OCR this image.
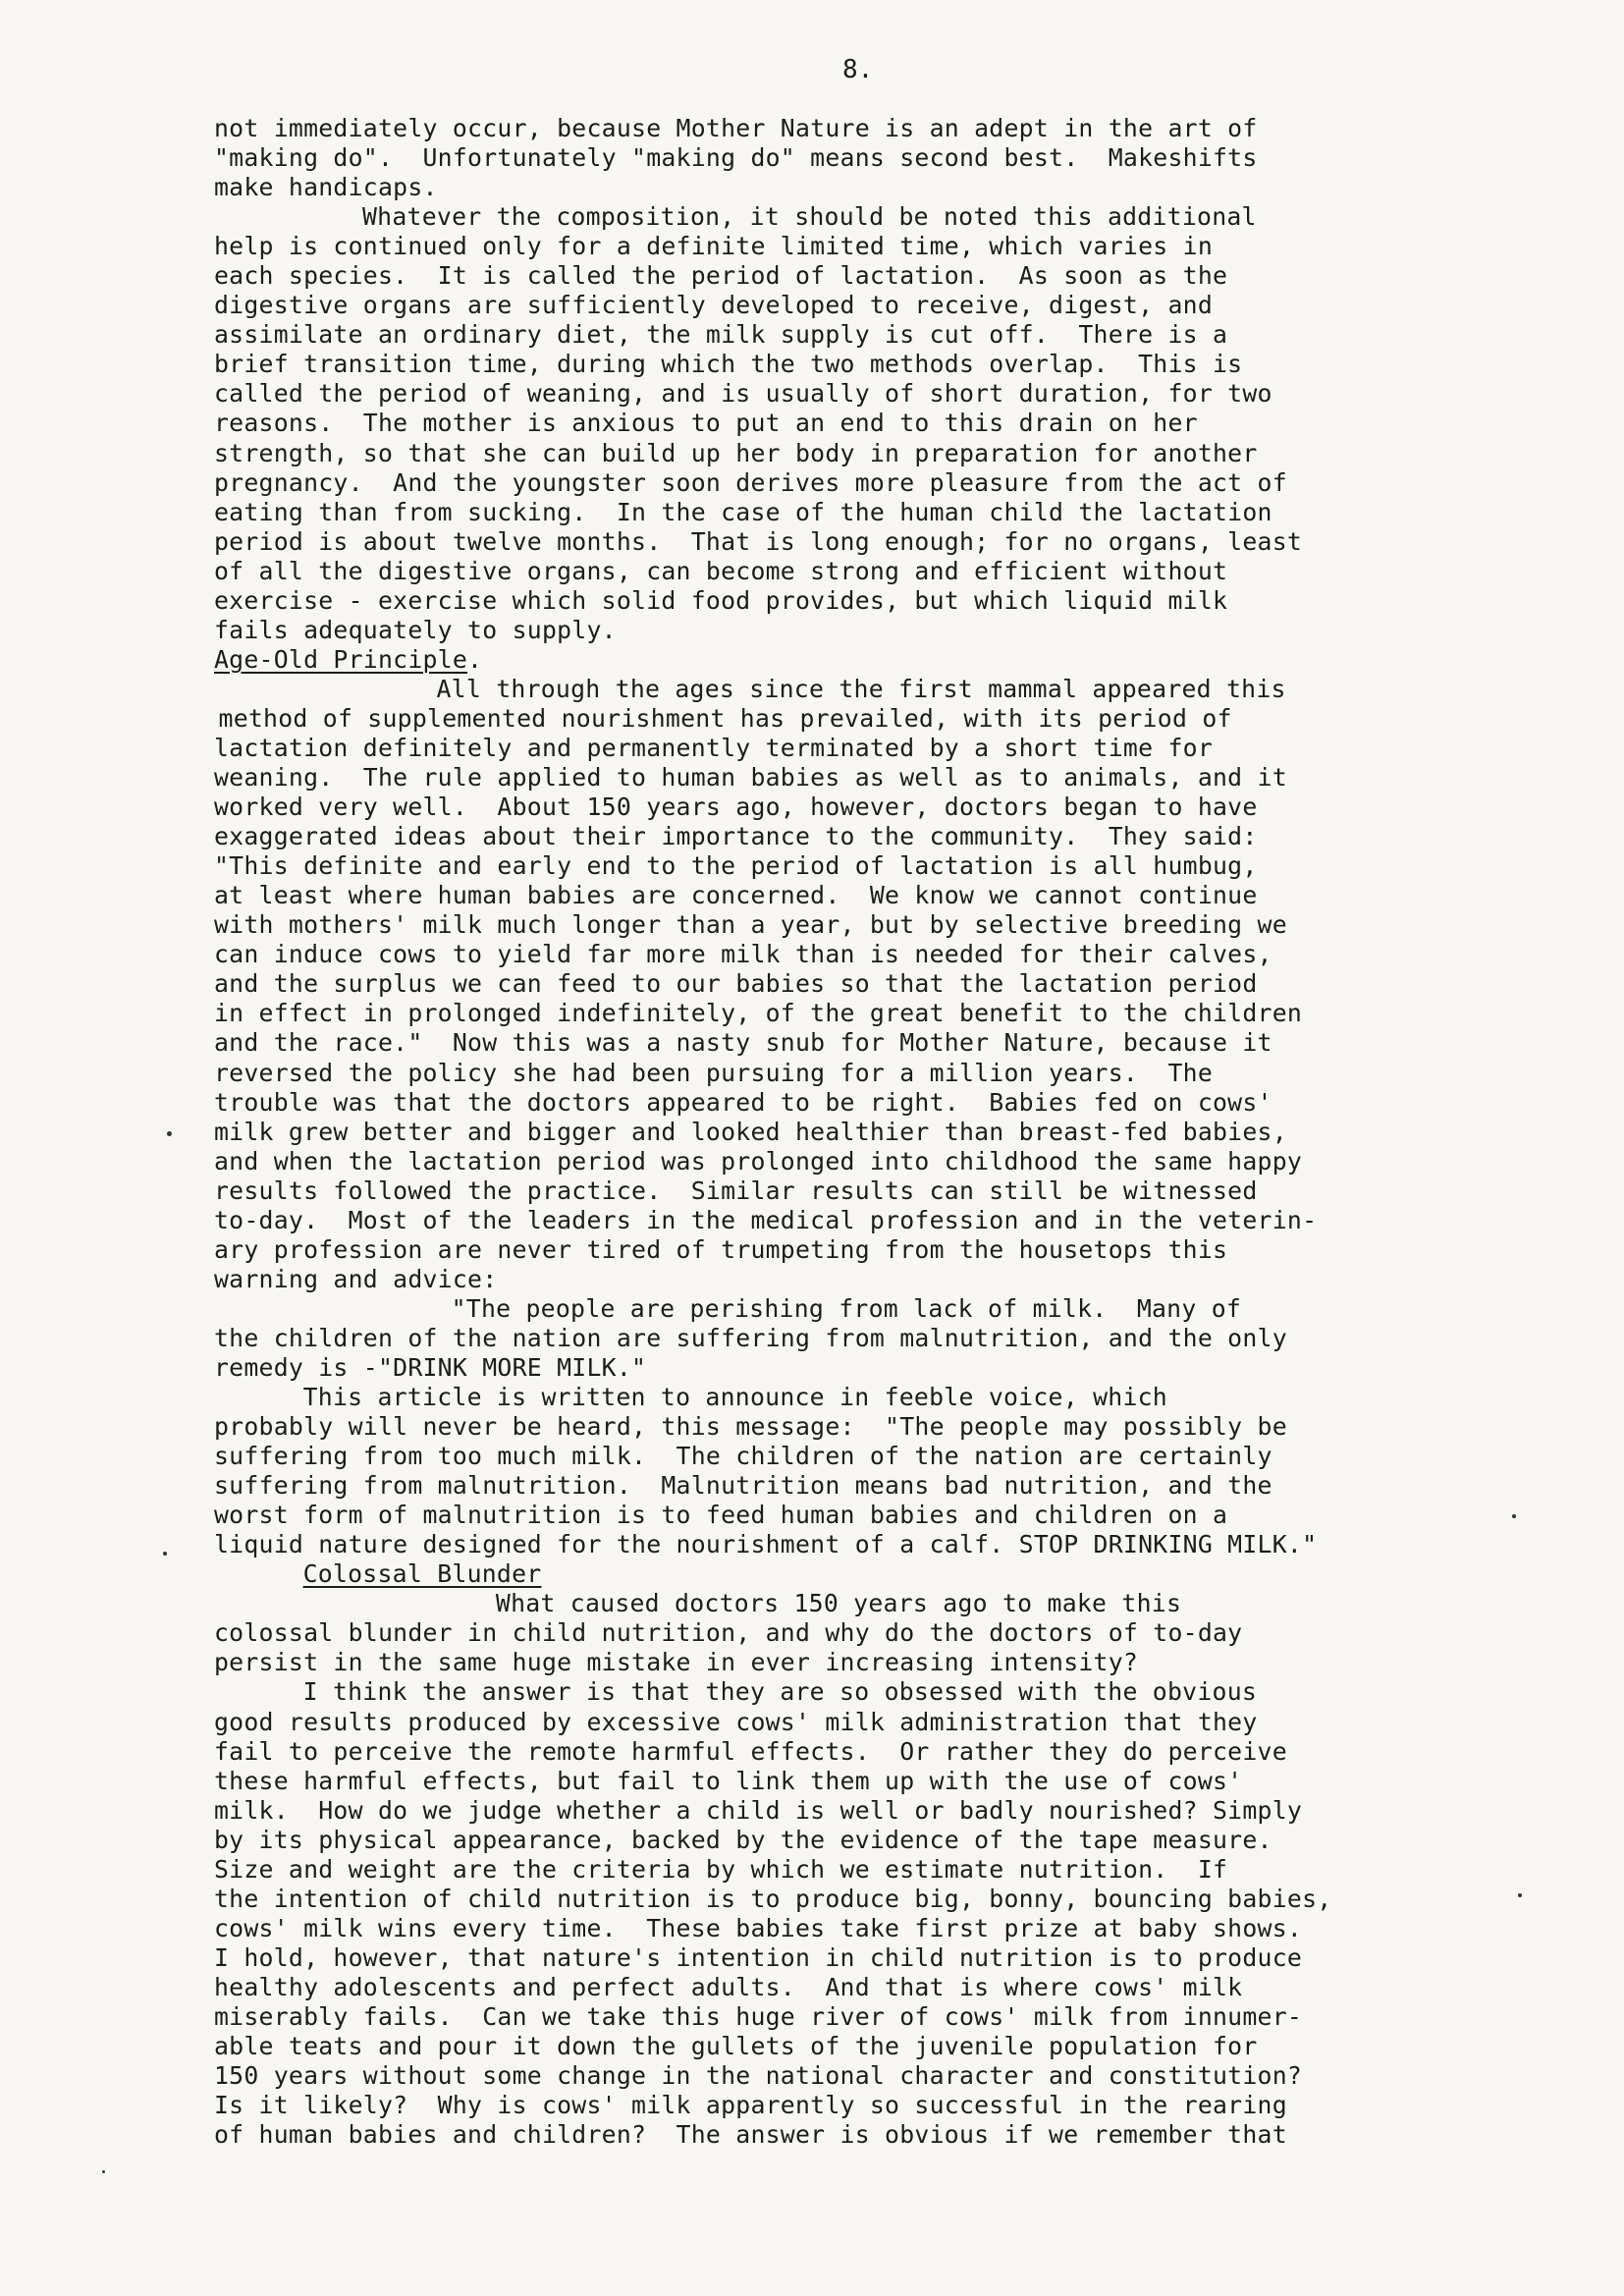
8.
not immediately occur, because Mother Nature is an adept in the art of
"making do".  Unfortunately "making do" means second best.  Makeshifts
make handicaps.
Whatever the composition, it should be noted this additional
help is continued only for a definite limited time, which varies in
each species.  It is called the period of lactation.  As soon as the
digestive organs are sufficiently developed to receive, digest, and
assimilate an ordinary diet, the milk supply is cut off.  There is a
brief transition time, during which the two methods overlap.  This is
called the period of weaning, and is usually of short duration, for two
reasons.  The mother is anxious to put an end to this drain on her
strength, so that she can build up her body in preparation for another
pregnancy.  And the youngster soon derives more pleasure from the act of
eating than from sucking.  In the case of the human child the lactation
period is about twelve months.  That is long enough; for no organs, least
of all the digestive organs, can become strong and efficient without
exercise - exercise which solid food provides, but which liquid milk
fails adequately to supply.
Age-Old Principle.
All through the ages since the first mammal appeared this
method of supplemented nourishment has prevailed, with its period of
lactation definitely and permanently terminated by a short time for
weaning.  The rule applied to human babies as well as to animals, and it
worked very well.  About 150 years ago, however, doctors began to have
exaggerated ideas about their importance to the community.  They said:
"This definite and early end to the period of lactation is all humbug,
at least where human babies are concerned.  We know we cannot continue
with mothers' milk much longer than a year, but by selective breeding we
can induce cows to yield far more milk than is needed for their calves,
and the surplus we can feed to our babies so that the lactation period
in effect in prolonged indefinitely, of the great benefit to the children
and the race."  Now this was a nasty snub for Mother Nature, because it
reversed the policy she had been pursuing for a million years.  The
trouble was that the doctors appeared to be right.  Babies fed on cows'
milk grew better and bigger and looked healthier than breast-fed babies,
and when the lactation period was prolonged into childhood the same happy
results followed the practice.  Similar results can still be witnessed
to-day.  Most of the leaders in the medical profession and in the veterin-
ary profession are never tired of trumpeting from the housetops this
warning and advice:
"The people are perishing from lack of milk.  Many of
the children of the nation are suffering from malnutrition, and the only
remedy is -"DRINK MORE MILK."
This article is written to announce in feeble voice, which
probably will never be heard, this message:  "The people may possibly be
suffering from too much milk.  The children of the nation are certainly
suffering from malnutrition.  Malnutrition means bad nutrition, and the
worst form of malnutrition is to feed human babies and children on a
liquid nature designed for the nourishment of a calf. STOP DRINKING MILK."
Colossal Blunder
What caused doctors 150 years ago to make this
colossal blunder in child nutrition, and why do the doctors of to-day
persist in the same huge mistake in ever increasing intensity?
I think the answer is that they are so obsessed with the obvious
good results produced by excessive cows' milk administration that they
fail to perceive the remote harmful effects.  Or rather they do perceive
these harmful effects, but fail to link them up with the use of cows'
milk.  How do we judge whether a child is well or badly nourished? Simply
by its physical appearance, backed by the evidence of the tape measure.
Size and weight are the criteria by which we estimate nutrition.  If
the intention of child nutrition is to produce big, bonny, bouncing babies,
cows' milk wins every time.  These babies take first prize at baby shows.
I hold, however, that nature's intention in child nutrition is to produce
healthy adolescents and perfect adults.  And that is where cows' milk
miserably fails.  Can we take this huge river of cows' milk from innumer-
able teats and pour it down the gullets of the juvenile population for
150 years without some change in the national character and constitution?
Is it likely?  Why is cows' milk apparently so successful in the rearing
of human babies and children?  The answer is obvious if we remember that
